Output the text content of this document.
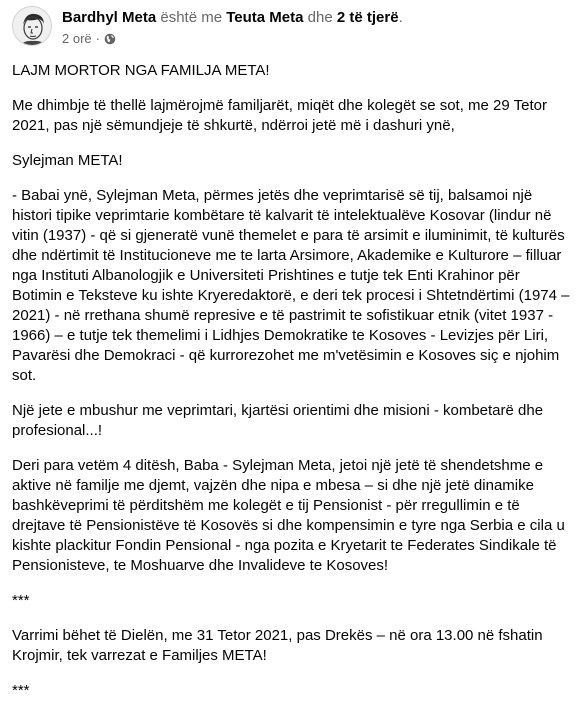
Bardhyl Meta është me Teuta Meta dhe 2 të tjerë.
2 orë ·

LAJM MORTOR NGA FAMILJA META!

Me dhimbje të thellë lajmërojmë familjarët, miqët dhe kolegët se sot, me 29 Tetor 2021, pas një sëmundjeje të shkurtë, ndërroi jetë më i dashuri ynë,

Sylejman META!

- Babai ynë, Sylejman Meta, përmes jetës dhe veprimtarisë së tij, balsamoi një histori tipike veprimtarie kombëtare të kalvarit të intelektualëve Kosovar (lindur në vitin (1937) - që si gjeneratë vunë themelet e para të arsimit e iluminimit, të kulturës dhe ndërtimit të Institucioneve me te larta Arsimore, Akademike e Kulturore – filluar nga Instituti Albanologjik e Universiteti Prishtines e tutje tek Enti Krahinor për Botimin e Teksteve ku ishte Kryeredaktorë, e deri tek procesi i Shtetndërtimi (1974 – 2021) - në rrethana shumë represive e të pastrimit te sofistikuar etnik (vitet 1937 - 1966) – e tutje tek themelimi i Lidhjes Demokratike te Kosoves - Levizjes për Liri, Pavarësi dhe Demokraci - që kurrorezohet me m'vetësimin e Kosoves siç e njohim sot.

Një jete e mbushur me veprimtari, kjartësi orientimi dhe misioni - kombetarë dhe profesional...!

Deri para vetëm 4 ditësh, Baba - Sylejman Meta, jetoi një jetë të shendetshme e aktive në familje me djemt, vajzën dhe nipa e mbesa – si dhe një jetë dinamike bashkëveprimi të përditshëm me kolegët e tij Pensionist - për rregullimin e të drejtave të Pensionistëve të Kosovës si dhe kompensimin e tyre nga Serbia e cila u kishte plackitur Fondin Pensional - nga pozita e Kryetarit te Federates Sindikale të Pensionisteve, te Moshuarve dhe Invalideve te Kosoves!

***

Varrimi bëhet të Dielën, me 31 Tetor 2021, pas Drekës – në ora 13.00 në fshatin Krojmir, tek varrezat e Familjes META!

***
